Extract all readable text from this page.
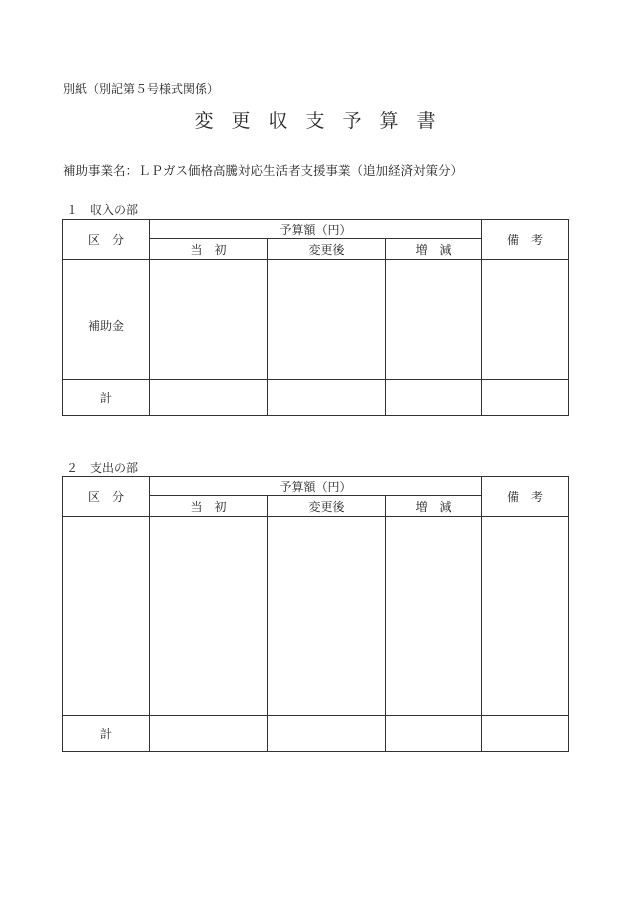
別紙（別記第５号様式関係）
変更収支予算書
補助事業名：ＬＰガス価格高騰対応生活者支援事業（追加経済対策分）
１　収入の部
区　分	予算額（円）			備　考
	当　初	変更後	増　減	
補助金				
計				
２　支出の部
区　分	予算額（円）			備　考
	当　初	変更後	増　減	

計				
